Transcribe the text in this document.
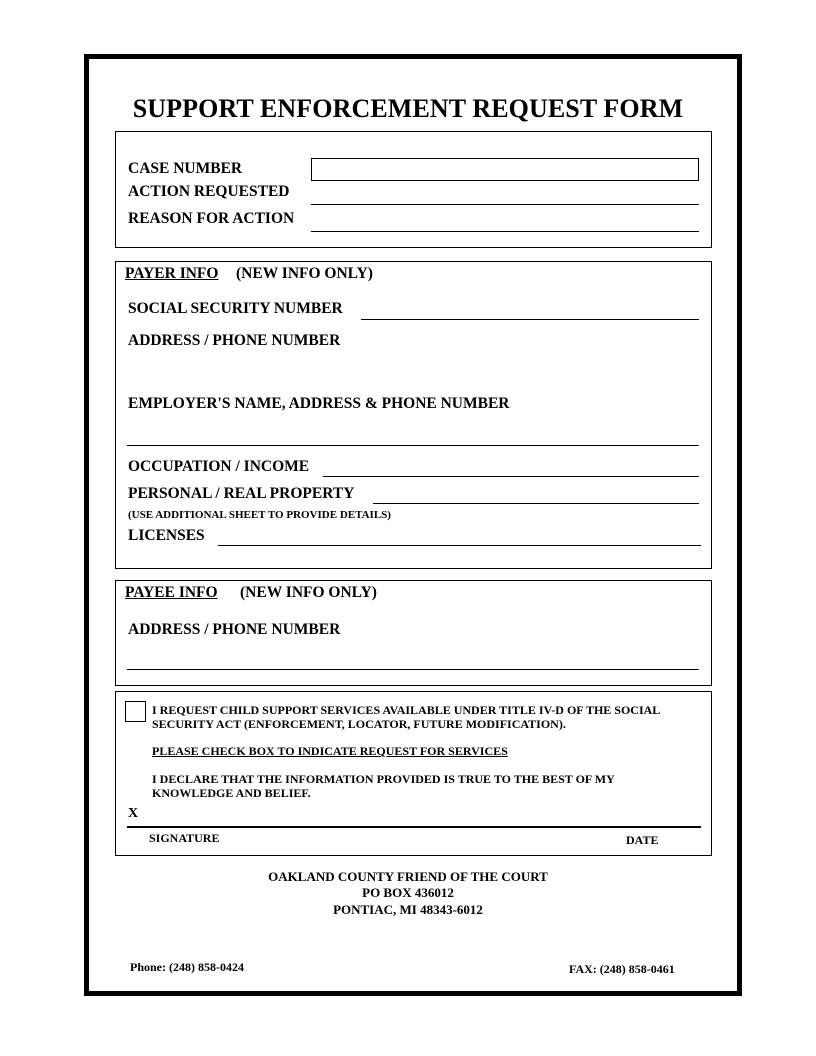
SUPPORT ENFORCEMENT REQUEST FORM
CASE NUMBER
ACTION REQUESTED
REASON FOR ACTION
PAYER INFO (NEW INFO ONLY)
SOCIAL SECURITY NUMBER
ADDRESS / PHONE NUMBER
EMPLOYER'S NAME, ADDRESS & PHONE NUMBER
OCCUPATION / INCOME
PERSONAL / REAL PROPERTY
(USE ADDITIONAL SHEET TO PROVIDE DETAILS)
LICENSES
PAYEE INFO (NEW INFO ONLY)
ADDRESS / PHONE NUMBER
I REQUEST CHILD SUPPORT SERVICES AVAILABLE UNDER TITLE IV-D OF THE SOCIAL
SECURITY ACT (ENFORCEMENT, LOCATOR, FUTURE MODIFICATION).
PLEASE CHECK BOX TO INDICATE REQUEST FOR SERVICES
I DECLARE THAT THE INFORMATION PROVIDED IS TRUE TO THE BEST OF MY
KNOWLEDGE AND BELIEF.
X
SIGNATURE	DATE
OAKLAND COUNTY FRIEND OF THE COURT
PO BOX 436012
PONTIAC, MI 48343-6012
Phone: (248) 858-0424	FAX: (248) 858-0461
